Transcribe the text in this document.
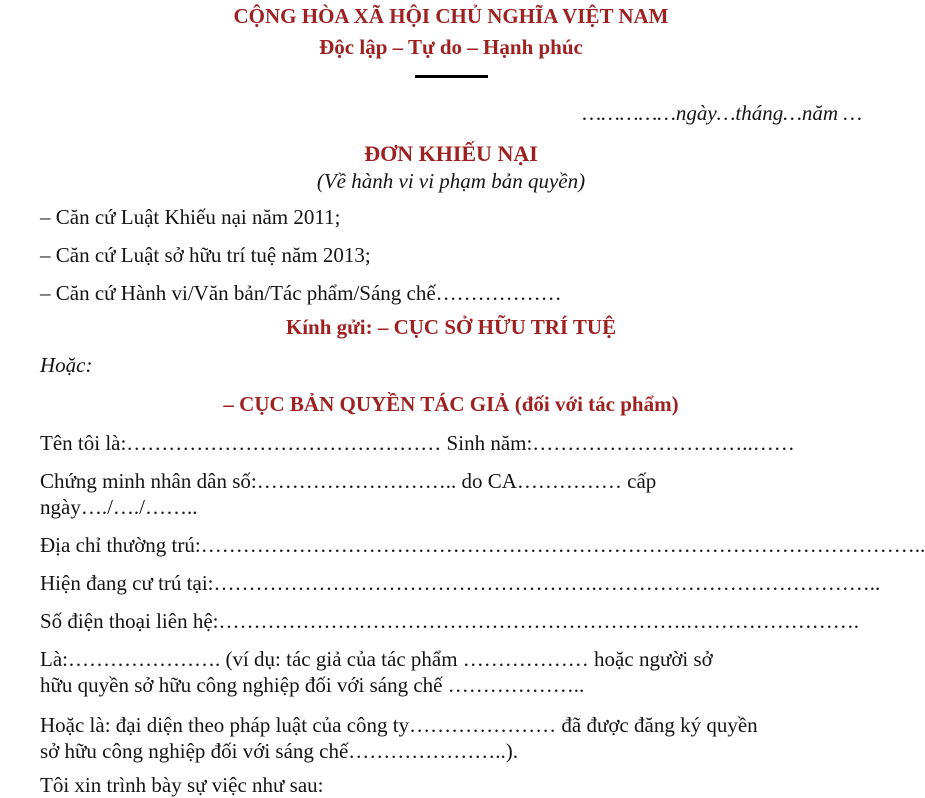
CỘNG HÒA XÃ HỘI CHỦ NGHĨA VIỆT NAM
Độc lập – Tự do – Hạnh phúc
……………ngày…tháng…năm …
ĐƠN KHIẾU NẠI
(Về hành vi vi phạm bản quyền)
– Căn cứ Luật Khiếu nại năm 2011;
– Căn cứ Luật sở hữu trí tuệ năm 2013;
– Căn cứ Hành vi/Văn bản/Tác phẩm/Sáng chế………………
Kính gửi: – CỤC SỞ HỮU TRÍ TUỆ
Hoặc:
– CỤC BẢN QUYỀN TÁC GIẢ (đối với tác phẩm)
Tên tôi là:……………………………………… Sinh năm:…………………………..……
Chứng minh nhân dân số:……………………….. do CA…………… cấp
ngày…./…./……..
Địa chỉ thường trú:…………………………………………………………………………………………..
Hiện đang cư trú tại:……………………………………………….…………………………………..
Số điện thoại liên hệ:………………………………………………………….…………………….
Là:…………………. (ví dụ: tác giả của tác phẩm ……………… hoặc người sở
hữu quyền sở hữu công nghiệp đối với sáng chế ………………..
Hoặc là: đại diện theo pháp luật của công ty………………… đã được đăng ký quyền
sở hữu công nghiệp đối với sáng chế…………………..).
Tôi xin trình bày sự việc như sau:
